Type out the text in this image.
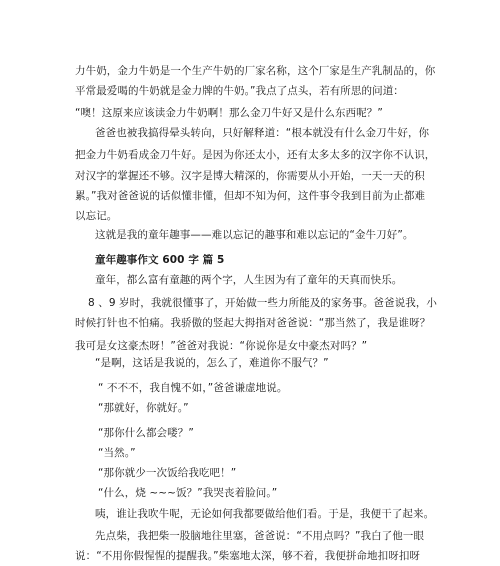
力牛奶，金力牛奶是一个生产牛奶的厂家名称，这个厂家是生产乳制品的，你
平常最爱喝的牛奶就是金力牌的牛奶。”我点了点头，若有所思的问道：
“噢！这原来应该读金力牛奶啊！那么金刀牛好又是什么东西呢？”
爸爸也被我搞得晕头转向，只好解释道：“根本就没有什么金刀牛好，你
把金力牛奶看成金刀牛好。是因为你还太小，还有太多太多的汉字你不认识，
对汉字的掌握还不够。汉字是博大精深的，你需要从小开始，一天一天的积
累。”我对爸爸说的话似懂非懂，但却不知为何，这件事令我到目前为止都难
以忘记。
这就是我的童年趣事——难以忘记的趣事和难以忘记的“金牛刀好”。
童年趣事作文 600 字 篇 5
童年，都么富有童趣的两个字，人生因为有了童年的天真而快乐。
8 、9 岁时，我就很懂事了，开始做一些力所能及的家务事。爸爸说我，小
时候打针也不怕痛。我骄傲的竖起大拇指对爸爸说：“那当然了，我是谁呀？
我可是女这豪杰呀！”爸爸对我说：“你说你是女中豪杰对吗？”
“是啊，这话是我说的，怎么了，难道你不服气？”
“ 不不不，我自愧不如，”爸爸谦虚地说。
“那就好，你就好。”
“那你什么都会喽？”
“当然。”
“那你就少一次饭给我吃吧！”
“什么，烧 ~~~饭？”我哭丧着脸问。”
咦，谁让我吹牛呢，无论如何我都要做给他们看。于是，我便干了起来。
先点柴，我把柴一股脑地往里塞，爸爸说：“不用点吗？”我白了他一眼
说：“不用你假惺惺的提醒我。”柴塞地太深，够不着，我便拼命地扣呀扣呀
